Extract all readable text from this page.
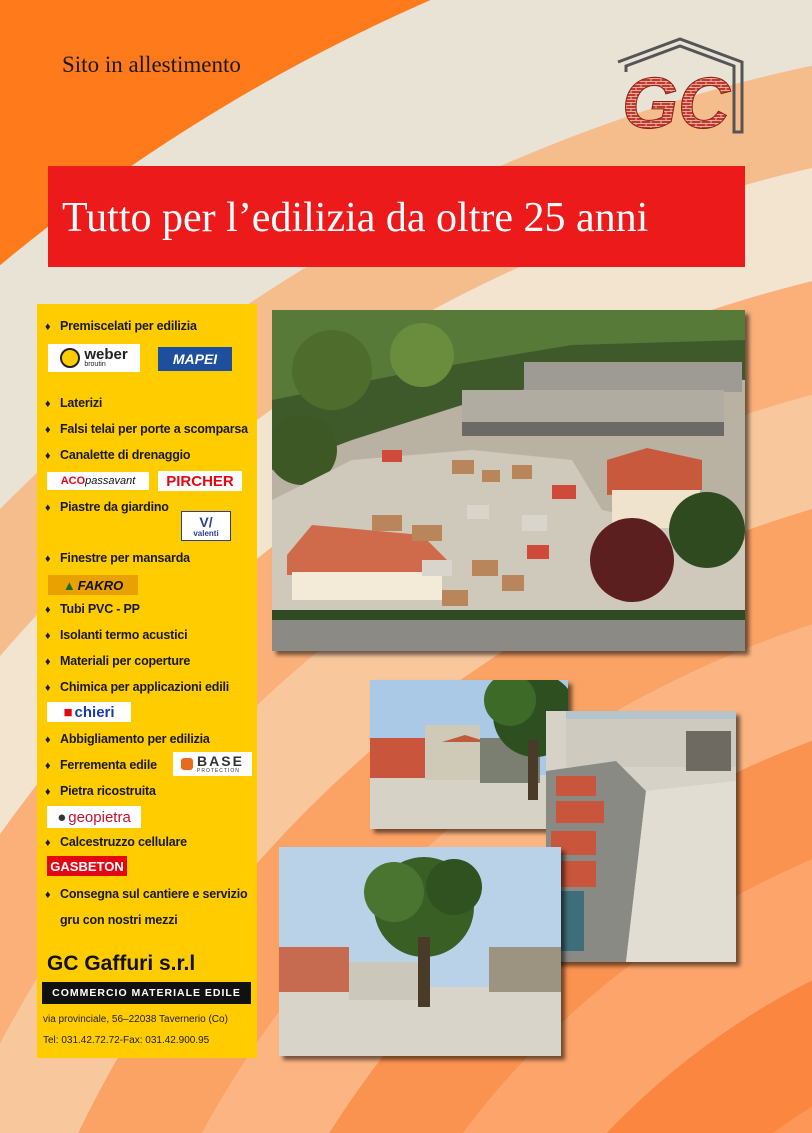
Sito in allestimento	GC
Tutto per l’edilizia da oltre 25 anni
♦ Premiscelati per edilizia
weber
broutin	MAPEI
♦ Laterizi
♦ Falsi telai per porte a scomparsa
♦ Canalette di drenaggio
ACO passavant PIRCHER
♦ Piastre da giardino
V/
valenti
♦ Finestre per mansarda
▲ FAKRO
♦ Tubi PVC - PP
♦ Isolanti termo acustici
♦ Materiali per coperture
♦ Chimica per applicazioni edili
■ chieri
♦ Abbigliamento per edilizia
♦ Ferrementa edile	BASE
PROTECTION
♦ Pietra ricostruita
● geopietra
♦ Calcestruzzo cellulare
GASBETON
♦ Consegna sul cantiere e servizio
gru con nostri mezzi
GC Gaffuri s.r.l
COMMERCIO MATERIALE EDILE
via provinciale, 56–22038 Tavernerio (Co)
Tel: 031.42.72.72-Fax: 031.42.900.95
